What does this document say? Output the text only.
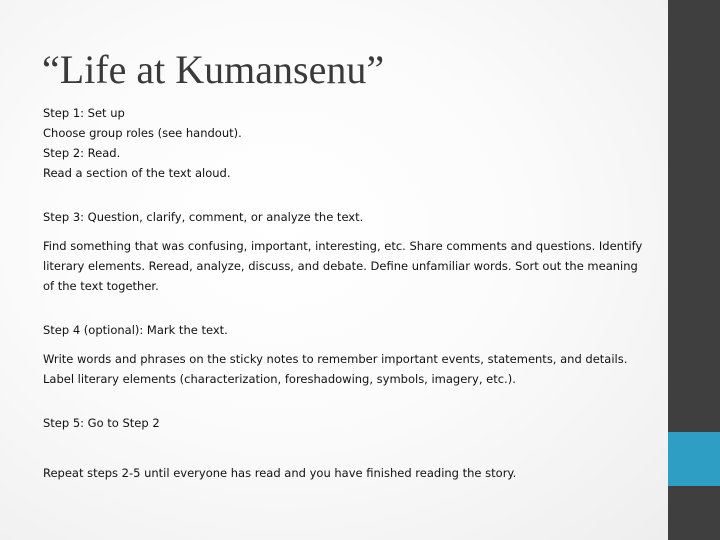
“Life at Kumansenu”

Step 1: Set up

Choose group roles (see handout).

Step 2: Read.

Read a section of the text aloud.

Step 3: Question, clarify, comment, or analyze the text.

Find something that was confusing, important, interesting, etc. Share comments and questions. Identify literary elements. Reread, analyze, discuss, and debate. Define unfamiliar words. Sort out the meaning of the text together.

Step 4 (optional): Mark the text.

Write words and phrases on the sticky notes to remember important events, statements, and details. Label literary elements (characterization, foreshadowing, symbols, imagery, etc.).

Step 5: Go to Step 2

Repeat steps 2-5 until everyone has read and you have finished reading the story.
